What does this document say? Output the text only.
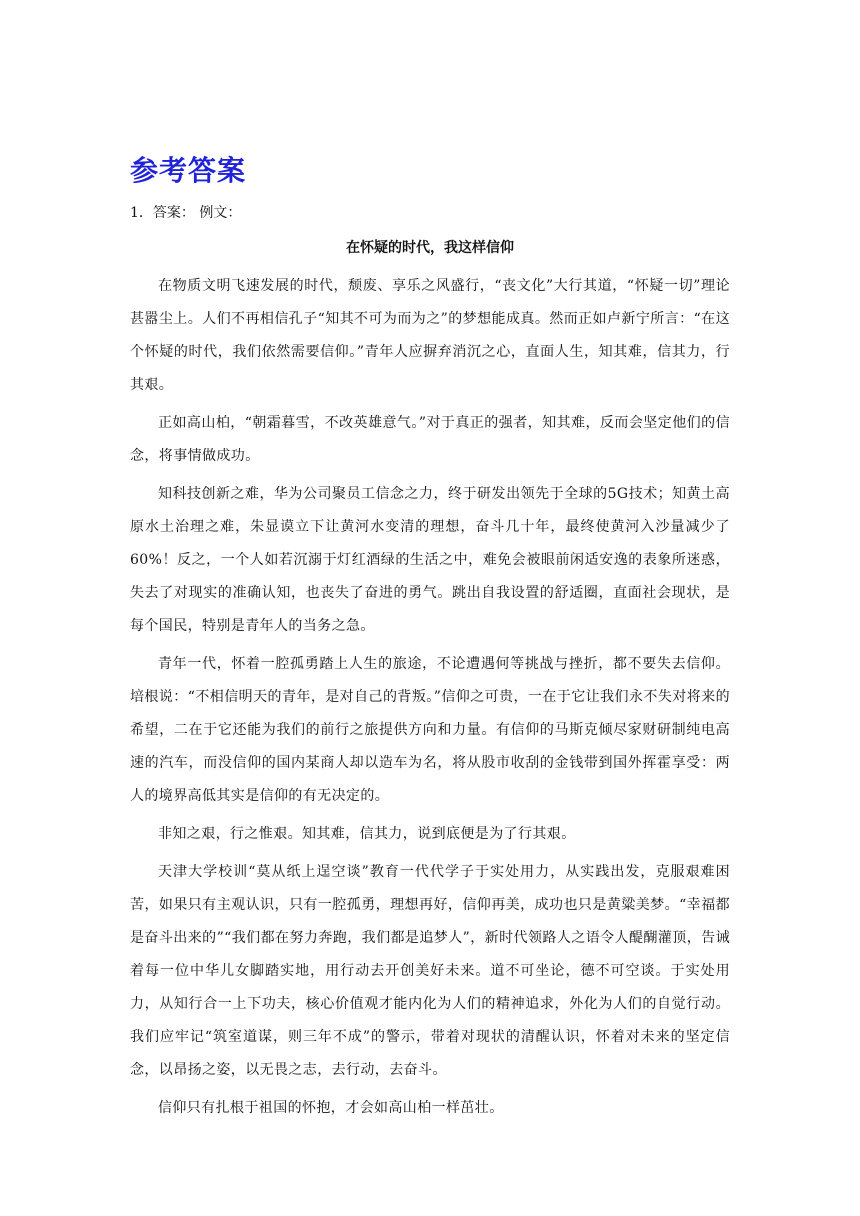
参考答案
1．答案： 例文：
在怀疑的时代，我这样信仰

在物质文明飞速发展的时代，颓废、享乐之风盛行，“丧文化”大行其道，“怀疑一切”理论甚嚣尘上。人们不再相信孔子“知其不可为而为之”的梦想能成真。然而正如卢新宁所言：“在这个怀疑的时代，我们依然需要信仰。”青年人应摒弃消沉之心，直面人生，知其难，信其力，行其艰。

正如高山柏，“朝霜暮雪，不改英雄意气。”对于真正的强者，知其难，反而会坚定他们的信念，将事情做成功。

知科技创新之难，华为公司聚员工信念之力，终于研发出领先于全球的5G技术；知黄土高原水土治理之难，朱显谟立下让黄河水变清的理想，奋斗几十年，最终使黄河入沙量减少了60%！反之，一个人如若沉溺于灯红酒绿的生活之中，难免会被眼前闲适安逸的表象所迷惑，失去了对现实的准确认知，也丧失了奋进的勇气。跳出自我设置的舒适圈，直面社会现状，是每个国民，特别是青年人的当务之急。

青年一代，怀着一腔孤勇踏上人生的旅途，不论遭遇何等挑战与挫折，都不要失去信仰。培根说：“不相信明天的青年，是对自己的背叛。”信仰之可贵，一在于它让我们永不失对将来的希望，二在于它还能为我们的前行之旅提供方向和力量。有信仰的马斯克倾尽家财研制纯电高速的汽车，而没信仰的国内某商人却以造车为名，将从股市收刮的金钱带到国外挥霍享受：两人的境界高低其实是信仰的有无决定的。

非知之艰，行之惟艰。知其难，信其力，说到底便是为了行其艰。

天津大学校训“莫从纸上逞空谈”教育一代代学子于实处用力，从实践出发，克服艰难困苦，如果只有主观认识，只有一腔孤勇，理想再好，信仰再美，成功也只是黄粱美梦。“幸福都是奋斗出来的”“我们都在努力奔跑，我们都是追梦人”，新时代领路人之语令人醍醐灌顶，告诫着每一位中华儿女脚踏实地，用行动去开创美好未来。道不可坐论，德不可空谈。于实处用力，从知行合一上下功夫，核心价值观才能内化为人们的精神追求，外化为人们的自觉行动。我们应牢记“筑室道谋，则三年不成”的警示，带着对现状的清醒认识，怀着对未来的坚定信念，以昂扬之姿，以无畏之志，去行动，去奋斗。

信仰只有扎根于祖国的怀抱，才会如高山柏一样茁壮。
